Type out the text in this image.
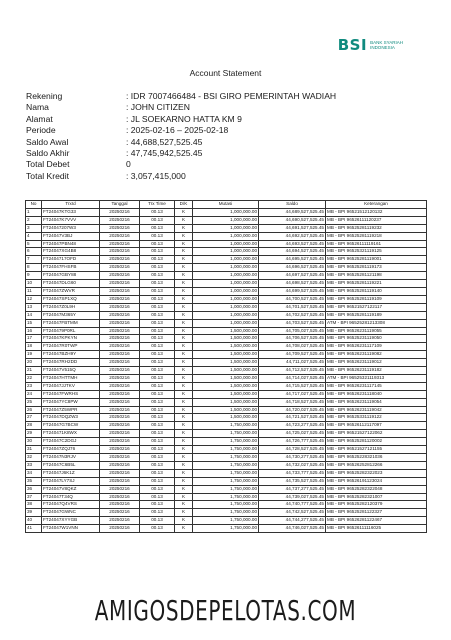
BSI BANK SYARIAH
INDONESIA
Account Statement
Rekening	: IDR 7007466484 - BSI GIRO PEMERINTAH WADIAH
Nama	: JOHN CITIZEN
Alamat	: JL SOEKARNO HATTA KM 9
Periode	: 2025-02-16 – 2025-02-18
Saldo Awal	: 44,688,527,525.45
Saldo Akhir	: 47,745,942,525.45
Total Debet	0
Total Kredit	: 3,057,415,000
No	TrxId	Tanggal	Trx Time	D/K	Mutasi	Saldo	Keterangan
1	FT24047KTG33	20250216	00.13	K	1,000,000.00	44,689,527,525.45	MB - BPI 96521512120132
2	FT24047K7VVV	20250216	00.13	K	1,000,000.00	44,690,527,525.45	MB - BPI 96526111120237
3	FT24047207W3	20250216	00.13	K	1,000,000.00	44,691,527,525.45	MB - BPI 96525281119232
4	FT24047V3BJ	20250216	00.13	K	1,000,000.00	44,692,527,525.45	MB - BPI 96525281119218
5	FT24047PBN48	20250216	00.13	K	1,000,000.00	44,693,527,525.45	MB - BPI 96526111119161
6	FT24047XG4B8	20250216	00.13	K	1,000,000.00	44,694,527,525.45	MB - BPI 96525321119125
7	FT2404717OFD	20250216	00.13	K	1,000,000.00	44,695,527,525.45	MB - BPI 96525281119001
8	FT24047FHSFB	20250216	00.13	K	1,000,000.00	44,696,527,525.45	MB - BPI 96525281119173
9	FT24047GBY88	20250216	00.13	K	1,000,000.00	44,697,527,525.45	MB - BPI 96525281121198
10	FT24047DLG60	20250216	00.13	K	1,000,000.00	44,698,527,525.45	MB - BPI 96525281119221
11	FT24047ZWVR	20250216	00.13	K	1,000,000.00	44,699,527,525.45	MB - BPI 96525281119140
12	FT24047SP1XQ	20250216	00.13	K	1,000,000.00	44,700,527,525.45	MB - BPI 96525281119109
13	FT24047Z0L9H	20250216	00.13	K	1,000,000.00	44,701,527,525.45	MB - BPI 96521527122117
14	FT24047M365Y	20250216	00.13	K	1,000,000.00	44,702,527,525.45	MB - BPI 96525281119189
15	FT24047FBTMM	20250216	00.13	K	1,000,000.00	44,703,527,525.45	ATM - BPI 96525281213308
16	FT240479P0RL	20250216	00.13	K	1,500,000.00	44,705,027,525.45	MB - BPI 96526231119055
17	FT24047KPKYN	20250216	00.13	K	1,500,000.00	44,706,527,525.45	MB - BPI 96525231119050
18	FT24047R0TWP	20250216	00.13	K	1,500,000.00	44,708,027,525.45	MB - BPI 96526231117109
19	FT24047BZH9Y	20250216	00.13	K	1,500,000.00	44,709,527,525.45	MB - BPI 96526231119082
20	FT24047RH2DD	20250216	00.13	K	1,500,000.00	44,711,027,525.45	MB - BPI 96526231119012
21	FT24047V515Q	20250216	00.13	K	1,500,000.00	44,712,527,525.45	MB - BPI 96526231119182
22	FT24047HTTMH	20250216	00.13	K	1,500,000.00	44,714,027,525.45	ATM - BPI 96525321119313
23	FT24047JJTKV	20250216	00.13	K	1,500,000.00	44,715,527,525.45	MB - BPI 96526231117145
24	FT24047FWRHS	20250216	00.13	K	1,500,000.00	44,717,027,525.45	MB - BPI 96526231118040
25	FT24047YC8PW	20250216	00.13	K	1,500,000.00	44,718,527,525.45	MB - BPI 96526231119054
26	FT24047Z5WPR	20250216	00.13	K	1,500,000.00	44,720,027,525.45	MB - BPI 96526231119042
27	FT24047DQZW3	20250216	00.13	K	1,500,000.00	44,721,527,525.45	MB - BPI 96525331119122
28	FT24047G7BCW	20250216	00.13	K	1,750,000.00	44,723,277,525.45	MB - BPI 96526112117097
29	FT240471K8WX	20250216	00.13	K	1,750,000.00	44,725,027,525.45	MB - BPI 96521527122062
30	FT24047C2DGJ	20250216	00.13	K	1,750,000.00	44,726,777,525.45	MB - BPI 96525281120002
31	FT24047ZQJ76	20250216	00.13	K	1,750,000.00	44,728,527,525.45	MB - BPI 96521527121155
32	FT24047N3RJV	20250216	00.13	K	1,750,000.00	44,730,277,525.45	MB - BPI 96525228321036
33	FT24047C6B5L	20250216	00.13	K	1,750,000.00	44,732,027,525.45	MB - BPI 96526252812266
34	FT24047J6K1Z	20250216	00.13	K	1,750,000.00	44,733,777,525.45	MB - BPI 96525282322023
35	FT24047LY7SJ	20250216	00.13	K	1,750,000.00	44,735,527,525.45	MB - BPI 96526191123024
36	FT24047V8QKZ	20250216	00.13	K	1,750,000.00	44,737,277,525.45	MB - BPI 96525282322048
37	FT24047T34Q	20250216	00.13	K	1,750,000.00	44,739,027,525.45	MB - BPI 96525282321007
38	FT24047Q4VRS	20250216	00.13	K	1,750,000.00	44,740,777,525.45	MB - BPI 96525282120379
39	FT24047GWNC	20250216	00.13	K	1,750,000.00	44,742,527,525.45	MB - BPI 96525281122327
40	FT24047XYYGB	20250216	00.13	K	1,750,000.00	44,744,277,525.45	MB - BPI 96526281122467
41	FT24047W1VNN	20250216	00.13	K	1,750,000.00	44,746,027,525.45	MB - BPI 96526111116025
AMIGOSDEPELOTAS.COM
